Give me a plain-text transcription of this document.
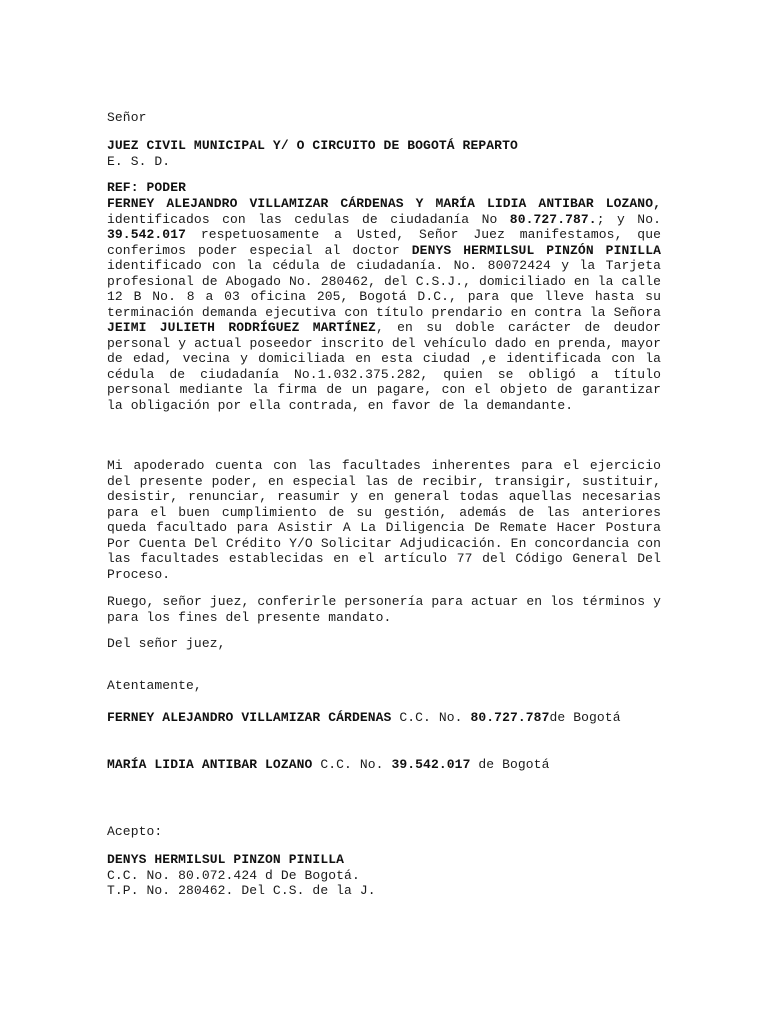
Señor

JUEZ CIVIL MUNICIPAL Y/ O CIRCUITO DE BOGOTÁ REPARTO
E. S. D.

REF: PODER

FERNEY ALEJANDRO VILLAMIZAR CÁRDENAS Y MARÍA LIDIA ANTIBAR LOZANO, identificados con las cedulas de ciudadanía No 80.727.787.; y No. 39.542.017 respetuosamente a Usted, Señor Juez manifestamos, que conferimos poder especial al doctor DENYS HERMILSUL PINZÓN PINILLA identificado con la cédula de ciudadanía. No. 80072424 y la Tarjeta profesional de Abogado No. 280462, del C.S.J., domiciliado en la calle 12 B No. 8 a 03 oficina 205, Bogotá D.C., para que lleve hasta su terminación demanda ejecutiva con título prendario en contra la Señora JEIMI JULIETH RODRÍGUEZ MARTÍNEZ, en su doble carácter de deudor personal y actual poseedor inscrito del vehículo dado en prenda, mayor de edad, vecina y domiciliada en esta ciudad ,e identificada con la cédula de ciudadanía No.1.032.375.282, quien se obligó a título personal mediante la firma de un pagare, con el objeto de garantizar la obligación por ella contrada, en favor de la demandante.

Mi apoderado cuenta con las facultades inherentes para el ejercicio del presente poder, en especial las de recibir, transigir, sustituir, desistir, renunciar, reasumir y en general todas aquellas necesarias para el buen cumplimiento de su gestión, además de las anteriores queda facultado para Asistir A La Diligencia De Remate Hacer Postura Por Cuenta Del Crédito Y/O Solicitar Adjudicación. En concordancia con las facultades establecidas en el artículo 77 del Código General Del Proceso.

Ruego, señor juez, conferirle personería para actuar en los términos y para los fines del presente mandato.

Del señor juez,

Atentamente,

FERNEY ALEJANDRO VILLAMIZAR CÁRDENAS C.C. No. 80.727.787de Bogotá

MARÍA LIDIA ANTIBAR LOZANO C.C. No. 39.542.017 de Bogotá

Acepto:

DENYS HERMILSUL PINZON PINILLA
C.C. No. 80.072.424 d De Bogotá.
T.P. No. 280462. Del C.S. de la J.
